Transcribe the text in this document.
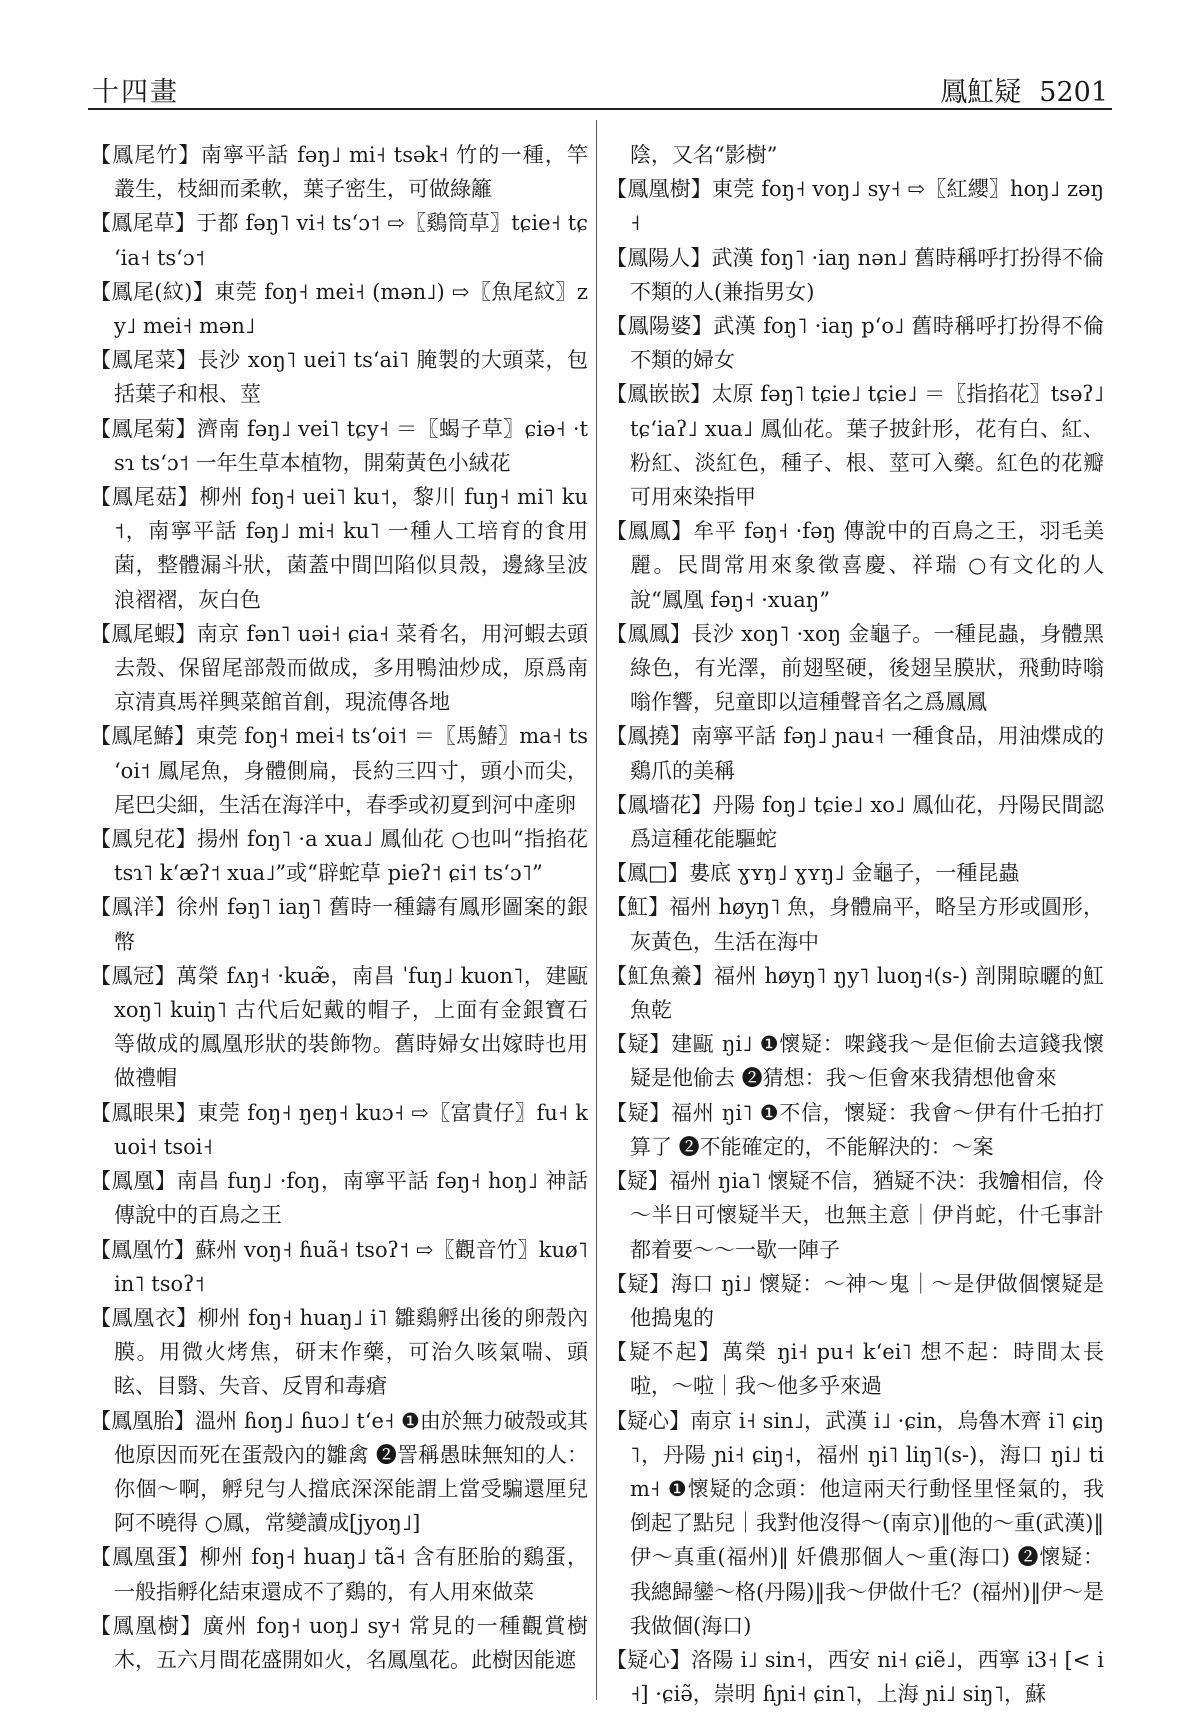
十四畫	鳳魟疑 5201
【鳳尾竹】南寧平話 fəŋ˩ mi˧ tsək˧ 竹的一種，竿叢生，枝細而柔軟，葉子密生，可做綠籬
【鳳尾草】于都 fəŋ˥ vi˧ tsʻɔ˦ ⇨〖鷄筒草〗tɕie˧ tɕʻia˧ tsʻɔ˦
【鳳尾(紋)】東莞 foŋ˧ mei˧ (mən˩) ⇨〖魚尾紋〗zy˩ mei˧ mən˩
【鳳尾菜】長沙 xoŋ˥ uei˥ tsʻai˥ 腌製的大頭菜，包括葉子和根、莖
【鳳尾菊】濟南 fəŋ˩ vei˥ tɕy˧ ＝〖蝎子草〗ɕiə˧ ·tsɿ tsʻɔ˦ 一年生草本植物，開菊黃色小絨花
【鳳尾菇】柳州 foŋ˧ uei˥ ku˦，黎川 fuŋ˧ mi˥ ku˦，南寧平話 fəŋ˩ mi˧ ku˥ 一種人工培育的食用菌，整體漏斗狀，菌蓋中間凹陷似貝殼，邊緣呈波浪褶褶，灰白色
【鳳尾蝦】南京 fən˥ uəi˧ ɕia˧ 菜肴名，用河蝦去頭去殼、保留尾部殼而做成，多用鴨油炒成，原爲南京清真馬祥興菜館首創，現流傳各地
【鳳尾鰆】東莞 foŋ˧ mei˧ tsʻoi˦ ＝〖馬鰆〗ma˧ tsʻoi˦ 鳳尾魚，身體側扁，長約三四寸，頭小而尖，尾巴尖細，生活在海洋中，春季或初夏到河中產卵
【鳳兒花】揚州 foŋ˥ ·a xua˩ 鳳仙花 ○也叫“指掐花 tsɿ˥ kʻæʔ˦ xua˩”或“辟蛇草 pieʔ˦ ɕi˦ tsʻɔ˥”
【鳳洋】徐州 fəŋ˥ iaŋ˥ 舊時一種鑄有鳳形圖案的銀幣
【鳳冠】萬榮 fʌŋ˧ ·kuæ̃，南昌 ˈfuŋ˩ kuon˥，建甌 xoŋ˥ kuiŋ˥ 古代后妃戴的帽子，上面有金銀寶石等做成的鳳凰形狀的裝飾物。舊時婦女出嫁時也用做禮帽
【鳳眼果】東莞 foŋ˧ ŋeŋ˧ kuɔ˧ ⇨〖富貴仔〗fu˧ kuoi˧ tsoi˧
【鳳凰】南昌 fuŋ˩ ·foŋ，南寧平話 fəŋ˧ hoŋ˩ 神話傳說中的百鳥之王
【鳳凰竹】蘇州 voŋ˧ ɦuã˧ tsoʔ˦ ⇨〖觀音竹〗kuø˥ in˥ tsoʔ˦
【鳳凰衣】柳州 foŋ˧ huaŋ˩ i˥ 雛鷄孵出後的卵殼內膜。用微火烤焦，研末作藥，可治久咳氣喘、頭眩、目翳、失音、反胃和毒瘡
【鳳凰胎】溫州 ɦoŋ˩ ɦuɔ˩ tʻe˧ ❶由於無力破殼或其他原因而死在蛋殼內的雛禽 ❷詈稱愚昧無知的人：你個～啊，孵兒勻人擋底深深能謂上當受騙還厘兒阿不曉得 ○鳳，常變讀成[jyoŋ˩]
【鳳凰蛋】柳州 foŋ˧ huaŋ˩ tã˧ 含有胚胎的鷄蛋，一般指孵化結束還成不了鷄的，有人用來做菜
【鳳凰樹】廣州 foŋ˧ uoŋ˩ sy˧ 常見的一種觀賞樹木，五六月間花盛開如火，名鳳凰花。此樹因能遮
陰，又名“影樹”
【鳳凰樹】東莞 foŋ˧ voŋ˩ sy˧ ⇨〖紅纓〗hoŋ˩ zəŋ˧
【鳳陽人】武漢 foŋ˥ ·iaŋ nən˩ 舊時稱呼打扮得不倫不類的人(兼指男女)
【鳳陽婆】武漢 foŋ˥ ·iaŋ pʻo˩ 舊時稱呼打扮得不倫不類的婦女
【鳳嵌嵌】太原 fəŋ˥ tɕie˩ tɕie˩ ＝〖指掐花〗tsəʔ˩ tɕʻiaʔ˩ xua˩ 鳳仙花。葉子披針形，花有白、紅、粉紅、淡紅色，種子、根、莖可入藥。紅色的花瓣可用來染指甲
【鳳鳳】牟平 fəŋ˧ ·fəŋ 傳說中的百鳥之王，羽毛美麗。民間常用來象徵喜慶、祥瑞 ○有文化的人說“鳳凰 fəŋ˧ ·xuaŋ”
【鳳鳳】長沙 xoŋ˥ ·xoŋ 金龜子。一種昆蟲，身體黑綠色，有光澤，前翅堅硬，後翅呈膜狀，飛動時嗡嗡作響，兒童即以這種聲音名之爲鳳鳳
【鳳撓】南寧平話 fəŋ˩ ɲau˧ 一種食品，用油煠成的鷄爪的美稱
【鳳墻花】丹陽 foŋ˩ tɕie˩ xo˩ 鳳仙花，丹陽民間認爲這種花能驅蛇
【鳳□】婁底 ɣʏŋ˩ ɣʏŋ˩ 金龜子，一種昆蟲
【魟】福州 høyŋ˥ 魚，身體扁平，略呈方形或圓形，灰黃色，生活在海中
【魟魚鯗】福州 høyŋ˥ ŋy˥ luoŋ˧(s-) 剖開晾曬的魟魚乾
【疑】建甌 ŋi˩ ❶懷疑：㗎錢我～是佢偷去這錢我懷疑是他偷去 ❷猜想：我～佢會來我猜想他會來
【疑】福州 ŋi˥ ❶不信，懷疑：我會～伊有什乇拍打算了 ❷不能確定的，不能解決的：～案
【疑】福州 ŋia˥ 懷疑不信，猶疑不決：我𣍐相信，伶～半日可懷疑半天，也無主意｜伊肖蛇，什乇事計都着要～～一歇一陣子
【疑】海口 ŋi˩ 懷疑：～神～鬼｜～是伊做個懷疑是他搗鬼的
【疑不起】萬榮 ŋi˧ pu˧ kʻei˥ 想不起：時間太長啦，～啦｜我～他多乎來過
【疑心】南京 i˧ sin˩，武漢 i˩ ·ɕin，烏魯木齊 i˥ ɕiŋ˥，丹陽 ɲi˧ ɕiŋ˧，福州 ŋi˥ liŋ˥(s-)，海口 ŋi˩ tim˧ ❶懷疑的念頭：他這兩天行動怪里怪氣的，我倒起了點兒｜我對他沒得～(南京)‖他的～重(武漢)‖伊～真重(福州)‖ 奷儂那個人～重(海口) ❷懷疑：我總歸鑾～格(丹陽)‖我～伊做什乇？(福州)‖伊～是我做個(海口)
【疑心】洛陽 i˩ sin˧，西安 ni˧ ɕiẽ˩，西寧 i3˧ [< i˧] ·ɕiə̃，崇明 ɦɲi˧ ɕin˥，上海 ɲi˩ siŋ˥，蘇
